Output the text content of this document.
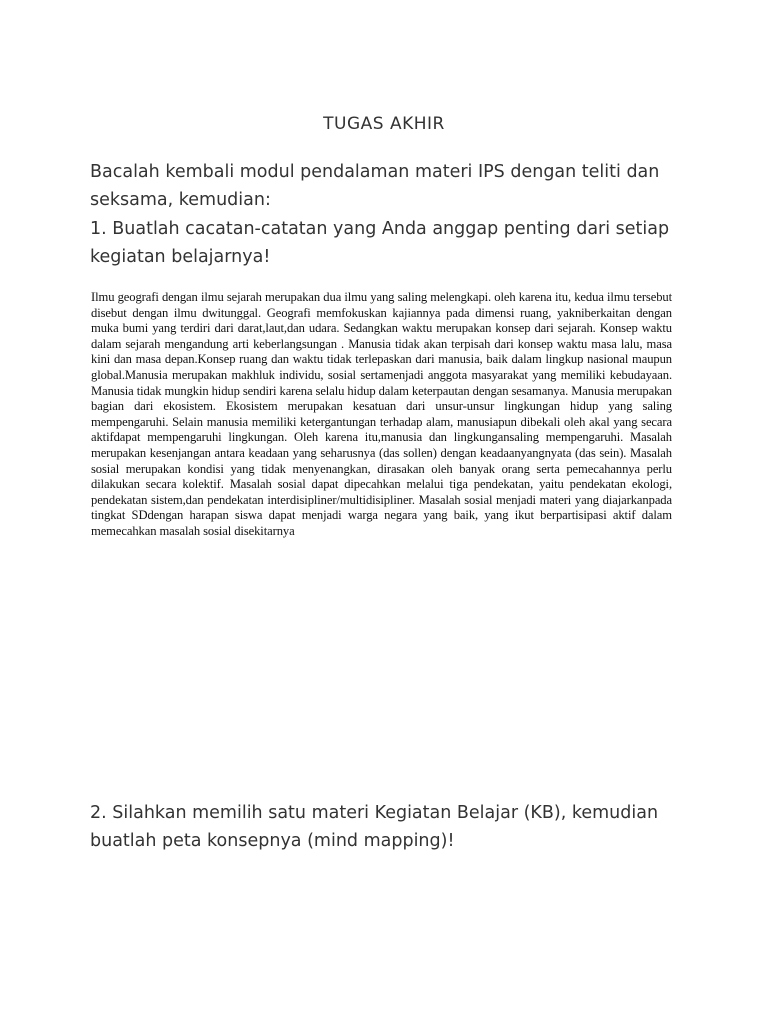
TUGAS AKHIR

Bacalah kembali modul pendalaman materi IPS dengan teliti dan seksama, kemudian:

1. Buatlah cacatan-catatan yang Anda anggap penting dari setiap kegiatan belajarnya!

Ilmu geografi dengan ilmu sejarah merupakan dua ilmu yang saling melengkapi. oleh karena itu, kedua ilmu tersebut disebut dengan ilmu dwitunggal. Geografi memfokuskan kajiannya pada dimensi ruang, yakniberkaitan dengan muka bumi yang terdiri dari darat,laut,dan udara. Sedangkan waktu merupakan konsep dari sejarah. Konsep waktu dalam sejarah mengandung arti keberlangsungan . Manusia tidak akan terpisah dari konsep waktu masa lalu, masa kini dan masa depan.Konsep ruang dan waktu tidak terlepaskan dari manusia, baik dalam lingkup nasional maupun global.Manusia merupakan makhluk individu, sosial sertamenjadi anggota masyarakat yang memiliki kebudayaan. Manusia tidak mungkin hidup sendiri karena selalu hidup dalam keterpautan dengan sesamanya. Manusia merupakan bagian dari ekosistem. Ekosistem merupakan kesatuan dari unsur-unsur lingkungan hidup yang saling mempengaruhi. Selain manusia memiliki ketergantungan terhadap alam, manusiapun dibekali oleh akal yang secara aktifdapat mempengaruhi lingkungan. Oleh karena itu,manusia dan lingkungansaling mempengaruhi. Masalah merupakan kesenjangan antara keadaan yang seharusnya (das sollen) dengan keadaanyangnyata (das sein). Masalah sosial merupakan kondisi yang tidak menyenangkan, dirasakan oleh banyak orang serta pemecahannya perlu dilakukan secara kolektif. Masalah sosial dapat dipecahkan melalui tiga pendekatan, yaitu pendekatan ekologi, pendekatan sistem,dan pendekatan interdisipliner/multidisipliner. Masalah sosial menjadi materi yang diajarkanpada tingkat SDdengan harapan siswa dapat menjadi warga negara yang baik, yang ikut berpartisipasi aktif dalam memecahkan masalah sosial disekitarnya

2. Silahkan memilih satu materi Kegiatan Belajar (KB), kemudian buatlah peta konsepnya (mind mapping)!
